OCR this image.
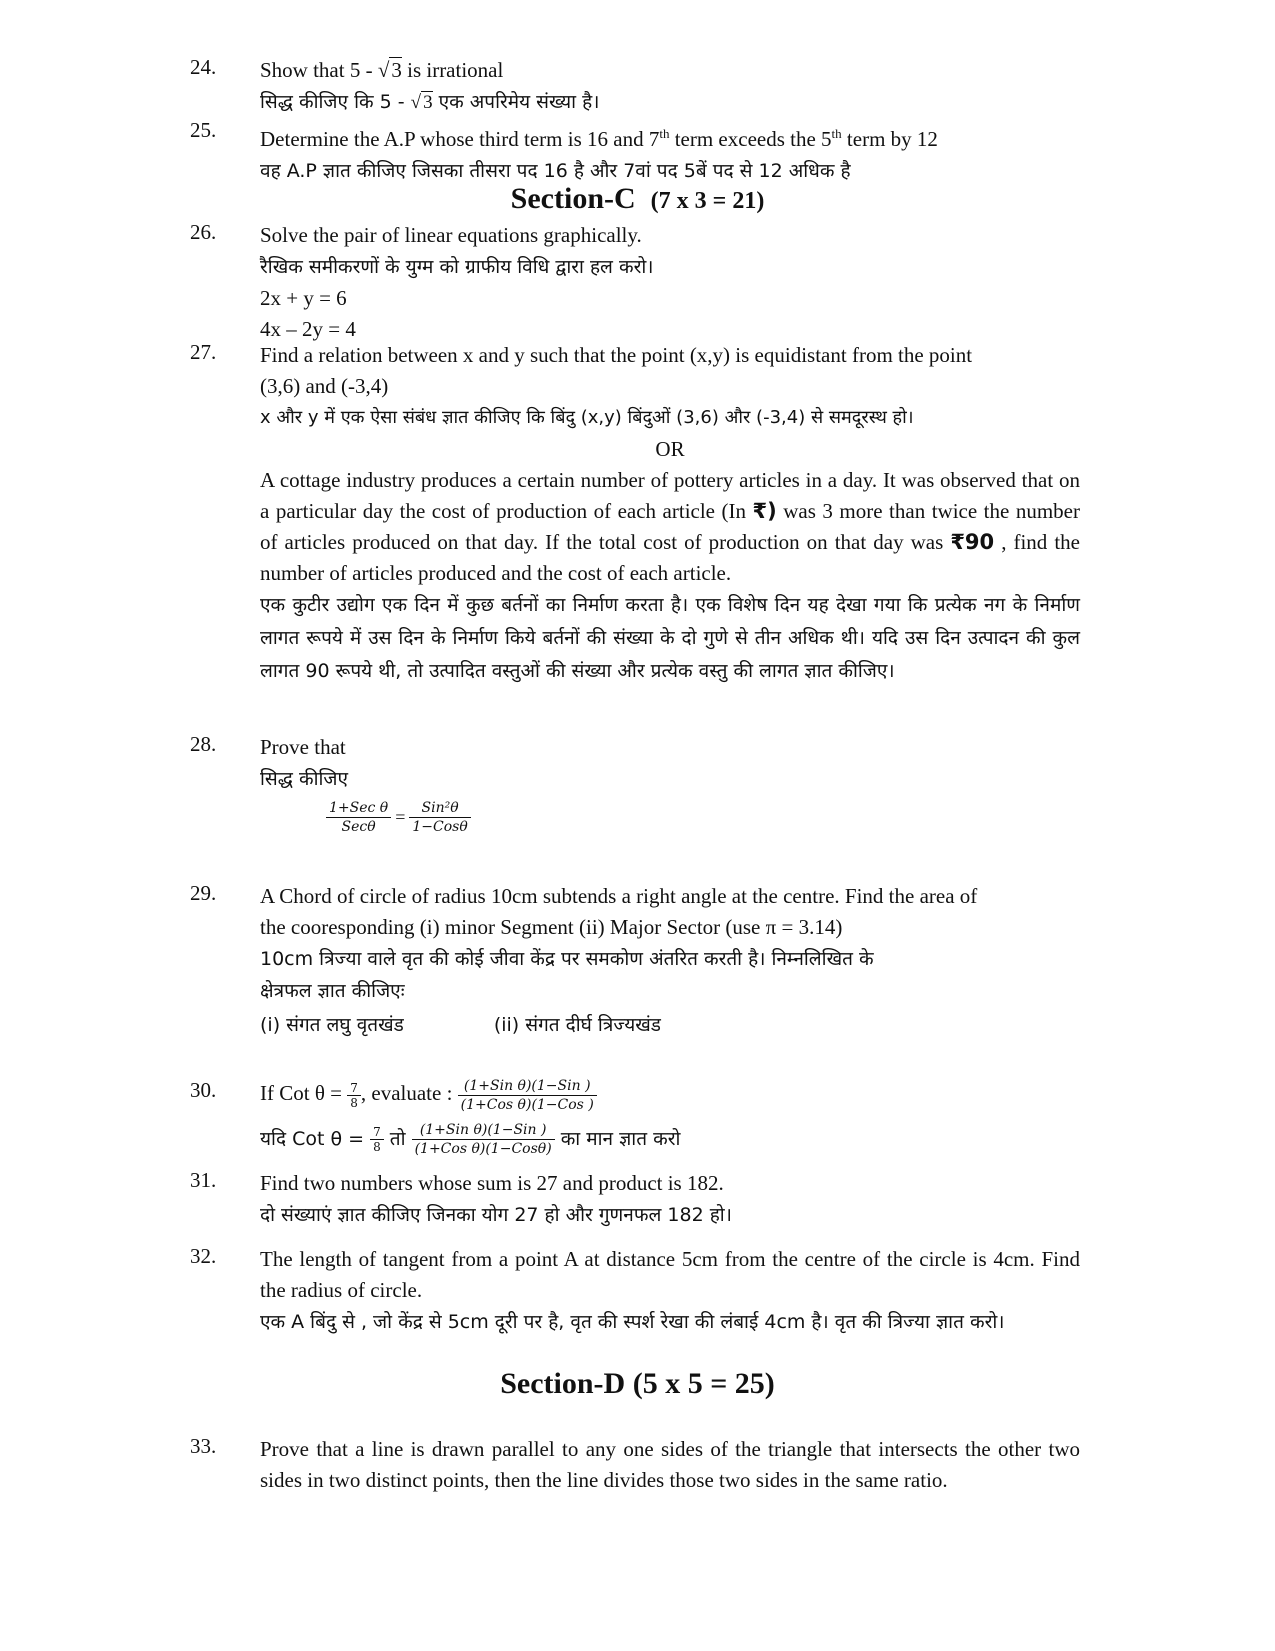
24. Show that 5 - √3 is irrational
सिद्ध कीजिए कि 5 - √ 3 एक अपरिमेय संख्या है।
25. Determine the A.P whose third term is 16 and 7th term exceeds the 5th term by 12
वह A.P ज्ञात कीजिए जिसका तीसरा पद 16 है और 7वां पद 5बें पद से 12 अधिक है
Section-C (7 x 3 = 21)
26. Solve the pair of linear equations graphically.
रैखिक समीकरणों के युग्म को ग्राफीय विधि द्वारा हल करो।
2x + y = 6
4x – 2y = 4
27. Find a relation between x and y such that the point (x,y) is equidistant from the point
(3,6) and (-3,4)
x और y में एक ऐसा संबंध ज्ञात कीजिए कि बिंदु (x,y) बिंदुओं (3,6) और (-3,4) से समदूरस्थ हो।
OR
A cottage industry produces a certain number of pottery articles in a day. It was observed that on a particular day the cost of production of each article (In ₹) was 3 more than twice the number of articles produced on that day. If the total cost of production on that day was ₹90 , find the number of articles produced and the cost of each article.
एक कुटीर उद्योग एक दिन में कुछ बर्तनों का निर्माण करता है। एक विशेष दिन यह देखा गया कि प्रत्येक नग के निर्माण लागत रूपये में उस दिन के निर्माण किये बर्तनों की संख्या के दो गुणे से तीन अधिक थी। यदि उस दिन उत्पादन की कुल लागत 90 रूपये थी, तो उत्पादित वस्तुओं की संख्या और प्रत्येक वस्तु की लागत ज्ञात कीजिए।
28. Prove that
सिद्ध कीजिए
$\frac{\text{1+Sec θ}}{\text{Secθ}} = \frac{\text{Sin²θ}}{\text{1−Cosθ}}$
29. A Chord of circle of radius 10cm subtends a right angle at the centre. Find the area of
the cooresponding (i) minor Segment (ii) Major Sector (use π = 3.14)
10cm त्रिज्या वाले वृत की कोई जीवा केंद्र पर समकोण अंतरित करती है। निम्नलिखित के
क्षेत्रफल ज्ञात कीजिएः
(i) संगत लघु वृतखंड	(ii) संगत दीर्घ त्रिज्यखंड
30. If Cot $\theta = \frac{7}{8}$ , evaluate : $\frac{\text{(1+Sin θ)(1−Sin )}}{\text{(1+Cos θ)(1−Cos )}}$
यदि Cot $\theta = \frac{7}{8}$ तो $\frac{\text{(1+Sin θ)(1−Sin )}}{\text{(1+Cos θ)(1−Cosθ)}}$ का मान ज्ञात करो
31. Find two numbers whose sum is 27 and product is 182.
दो संख्याएं ज्ञात कीजिए जिनका योग 27 हो और गुणनफल 182 हो।
32. The length of tangent from a point A at distance 5cm from the centre of the circle is 4cm. Find the radius of circle.
एक A बिंदु से , जो केंद्र से 5cm दूरी पर है, वृत की स्पर्श रेखा की लंबाई 4cm है। वृत की त्रिज्या ज्ञात करो।
Section-D (5 x 5 = 25)
33. Prove that a line is drawn parallel to any one sides of the triangle that intersects the other two sides in two distinct points, then the line divides those two sides in the same ratio.
